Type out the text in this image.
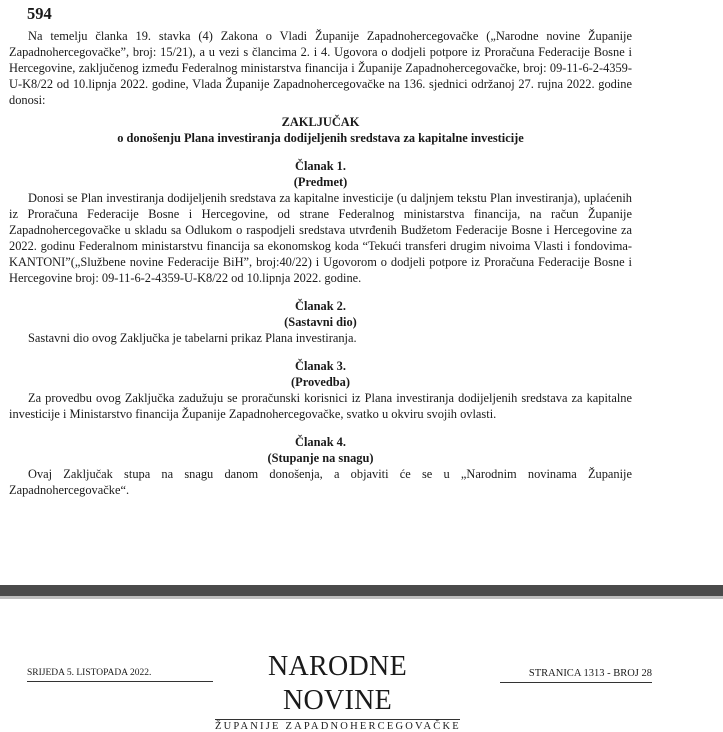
594

Na temelju članka 19. stavka (4) Zakona o Vladi Županije Zapadnohercegovačke („Narodne novine Županije Zapadnohercegovačke”, broj: 15/21), a u vezi s člancima 2. i 4. Ugovora o dodjeli potpore iz Proračuna Federacije Bosne i Hercegovine, zaključenog između Federalnog ministarstva financija i Županije Zapadnohercegovačke, broj: 09-11-6-2-4359-U-K8/22 od 10.lipnja 2022. godine, Vlada Županije Zapadnohercegovačke na 136. sjednici održanoj 27. rujna 2022. godine donosi:

ZAKLJUČAK

o donošenju Plana investiranja dodijeljenih sredstava za kapitalne investicije

Članak 1.

(Predmet)

Donosi se Plan investiranja dodijeljenih sredstava za kapitalne investicije (u daljnjem tekstu Plan investiranja), uplaćenih iz Proračuna Federacije Bosne i Hercegovine, od strane Federalnog ministarstva financija, na račun Županije Zapadnohercegovačke u skladu sa Odlukom o raspodjeli sredstava utvrđenih Budžetom Federacije Bosne i Hercegovine za 2022. godinu Federalnom ministarstvu financija sa ekonomskog koda “Tekući transferi drugim nivoima Vlasti i fondovima-KANTONI”(„Službene novine Federacije BiH”, broj:40/22) i Ugovorom o dodjeli potpore iz Proračuna Federacije Bosne i Hercegovine broj: 09-11-6-2-4359-U-K8/22 od 10.lipnja 2022. godine.

Članak 2.

(Sastavni dio)

Sastavni dio ovog Zaključka je tabelarni prikaz Plana investiranja.

Članak 3.

(Provedba)

Za provedbu ovog Zaključka zadužuju se proračunski korisnici iz Plana investiranja dodijeljenih sredstava za kapitalne investicije i Ministarstvo financija Županije Zapadnohercegovačke, svatko u okviru svojih ovlasti.

Članak 4.

(Stupanje na snagu)

Ovaj Zaključak stupa na snagu danom donošenja, a objaviti će se u „Narodnim novinama Županije Zapadnohercegovačke“.

SRIJEDA 5. LISTOPADA 2022.	NARODNE NOVINE
ŽUPANIJE ZAPADNOHERCEGOVAČKE
STRANICA 1313 - BROJ 28
